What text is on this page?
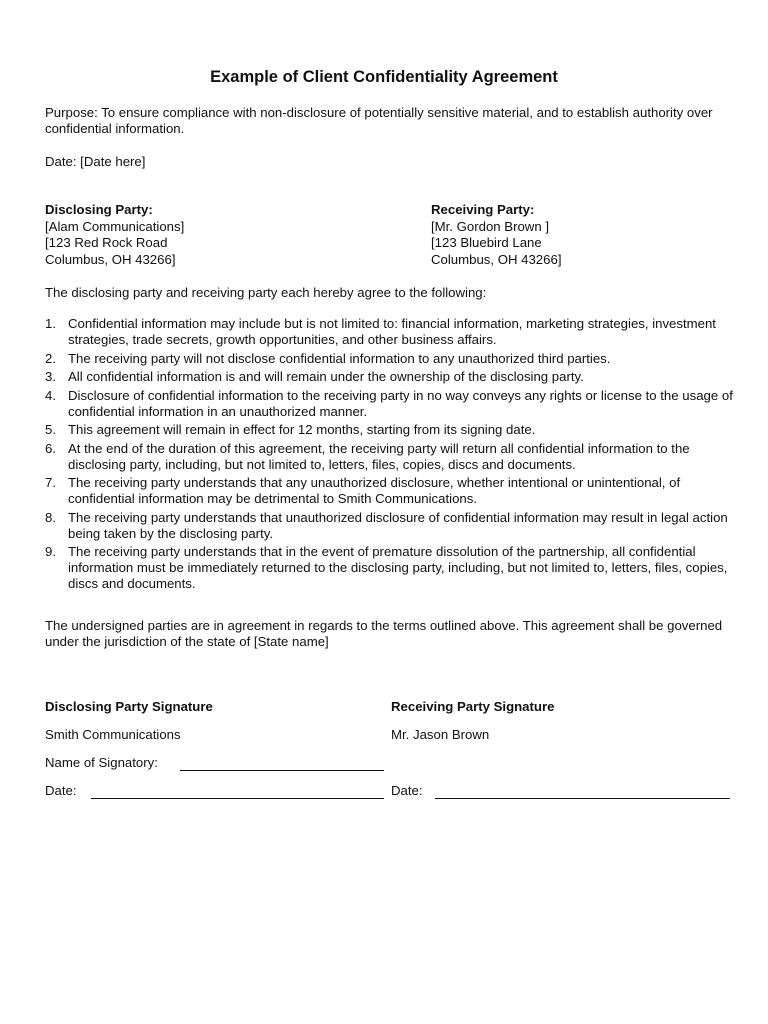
Example of Client Confidentiality Agreement

Purpose: To ensure compliance with non-disclosure of potentially sensitive material, and to establish authority over confidential information.

Date: [Date here]

Disclosing Party:
[Alam Communications]
[123 Red Rock Road
Columbus, OH 43266]
Receiving Party:
[Mr. Gordon Brown ]
[123 Bluebird Lane
Columbus, OH 43266]

The disclosing party and receiving party each hereby agree to the following:

1. Confidential information may include but is not limited to: financial information, marketing strategies, investment strategies, trade secrets, growth opportunities, and other business affairs.
2. The receiving party will not disclose confidential information to any unauthorized third parties.
3. All confidential information is and will remain under the ownership of the disclosing party.
4. Disclosure of confidential information to the receiving party in no way conveys any rights or license to the usage of confidential information in an unauthorized manner.
5. This agreement will remain in effect for 12 months, starting from its signing date.
6. At the end of the duration of this agreement, the receiving party will return all confidential information to the disclosing party, including, but not limited to, letters, files, copies, discs and documents.
7. The receiving party understands that any unauthorized disclosure, whether intentional or unintentional, of confidential information may be detrimental to Smith Communications.
8. The receiving party understands that unauthorized disclosure of confidential information may result in legal action being taken by the disclosing party.
9. The receiving party understands that in the event of premature dissolution of the partnership, all confidential information must be immediately returned to the disclosing party, including, but not limited to, letters, files, copies, discs and documents.

The undersigned parties are in agreement in regards to the terms outlined above. This agreement shall be governed under the jurisdiction of the state of [State name]

Disclosing Party Signature	Receiving Party Signature
Smith Communications	Mr. Jason Brown
Name of Signatory:
Date:	Date:
